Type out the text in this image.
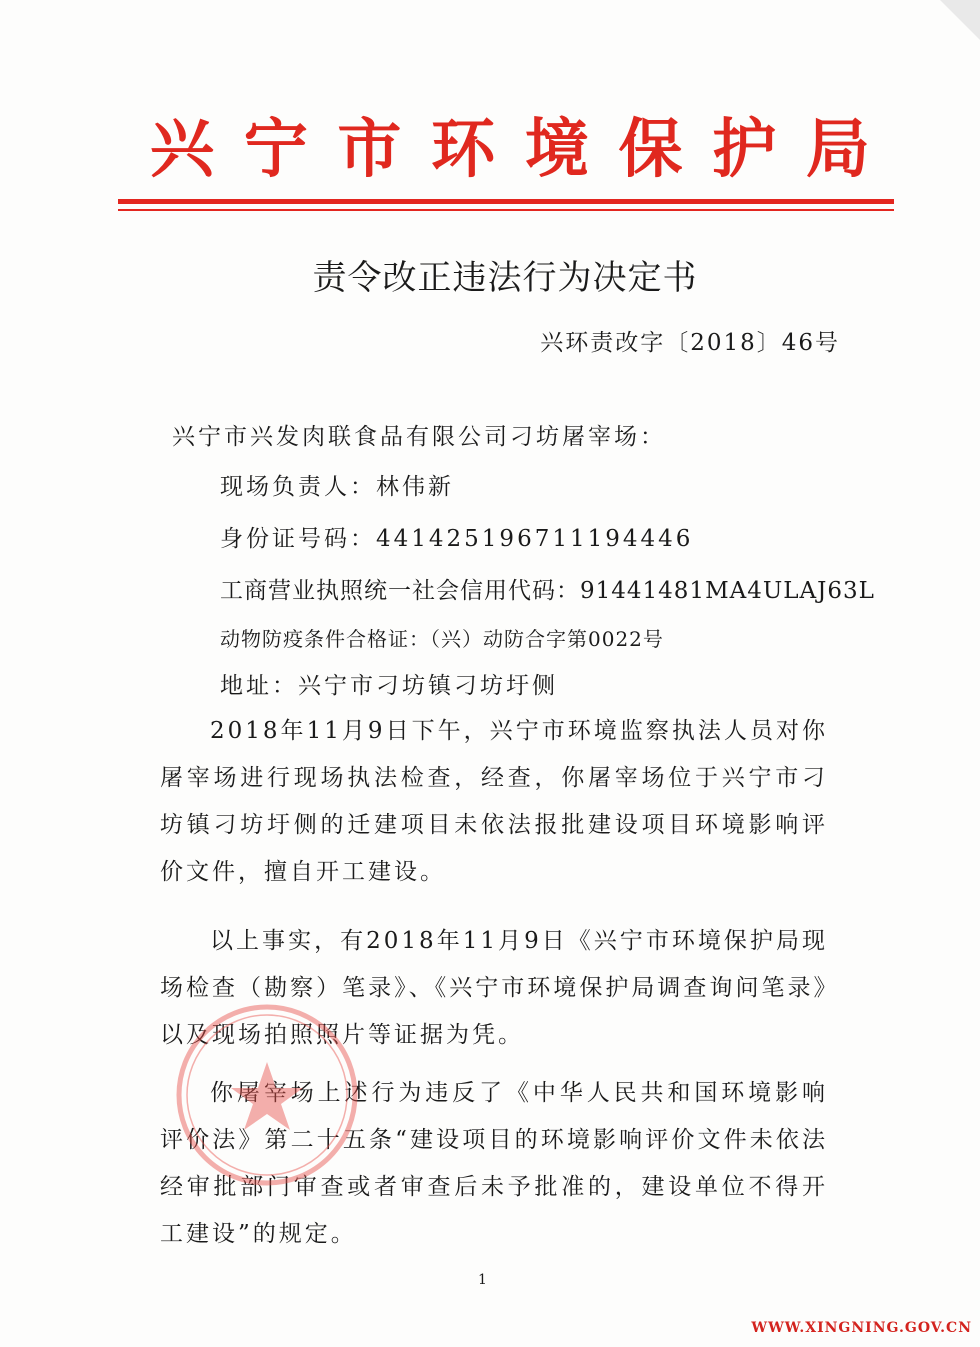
兴 宁 市 环 境 保 护 局
责令改正违法行为决定书
兴环责改字〔2018〕46号
兴宁市兴发肉联食品有限公司刁坊屠宰场：
现场负责人：林伟新
身份证号码：441425196711194446
工商营业执照统一社会信用代码：91441481MA4ULAJ63L
动物防疫条件合格证：（兴）动防合字第0022号
地址：兴宁市刁坊镇刁坊圩侧
2018年11月9日下午，兴宁市环境监察执法人员对你屠宰场进行现场执法检查，经查，你屠宰场位于兴宁市刁坊镇刁坊圩侧的迁建项目未依法报批建设项目环境影响评价文件，擅自开工建设。
以上事实，有2018年11月9日《兴宁市环境保护局现场检查（勘察）笔录》、《兴宁市环境保护局调查询问笔录》以及现场拍照照片等证据为凭。
你屠宰场上述行为违反了《中华人民共和国环境影响评价法》第二十五条“建设项目的环境影响评价文件未依法经审批部门审查或者审查后未予批准的，建设单位不得开工建设”的规定。
1
WWW.XINGNING.GOV.CN
